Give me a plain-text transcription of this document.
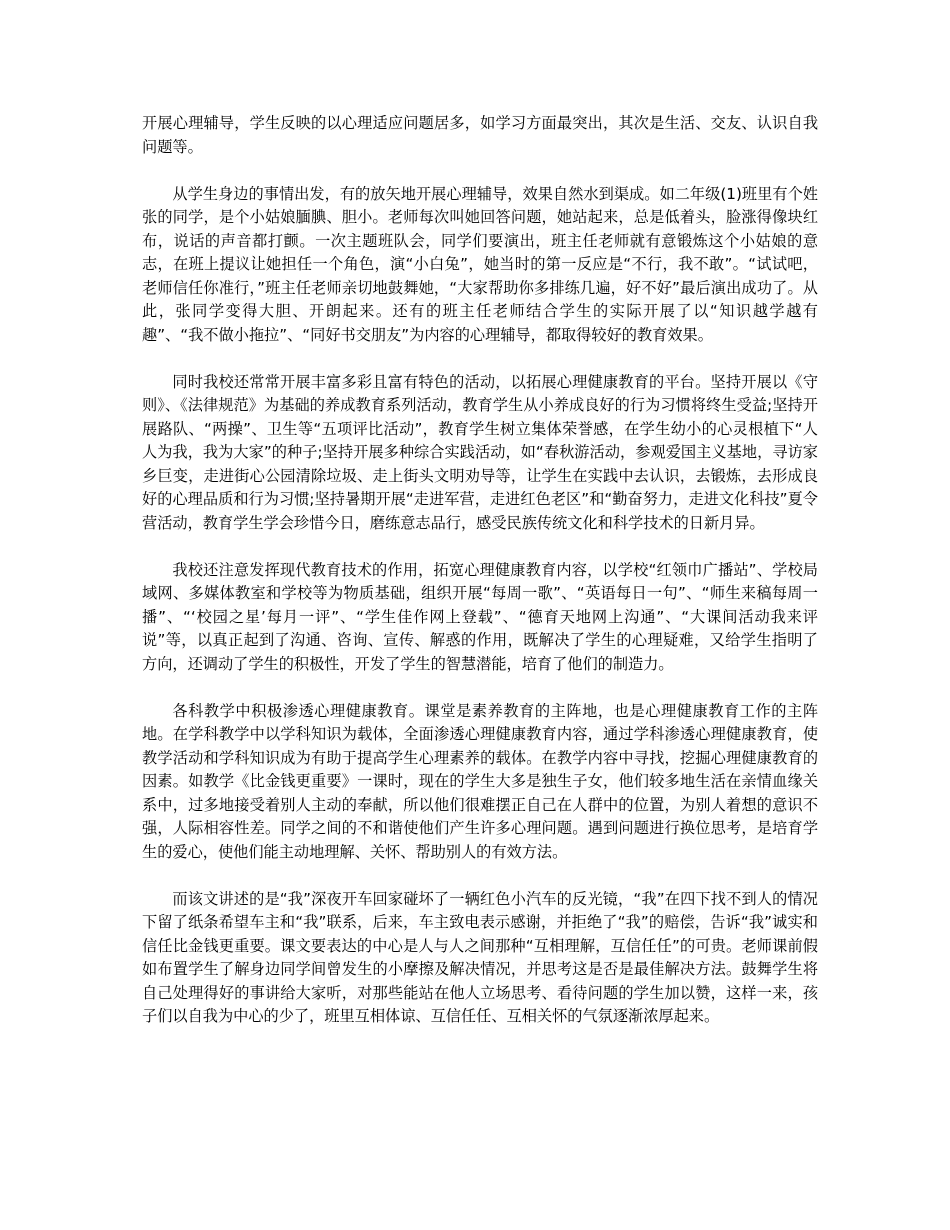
开展心理辅导，学生反映的以心理适应问题居多，如学习方面最突出，其次是生活、交友、认识自我问题等。

从学生身边的事情出发，有的放矢地开展心理辅导，效果自然水到渠成。如二年级(1)班里有个姓张的同学，是个小姑娘腼腆、胆小。老师每次叫她回答问题，她站起来，总是低着头，脸涨得像块红布，说话的声音都打颤。一次主题班队会，同学们要演出，班主任老师就有意锻炼这个小姑娘的意志，在班上提议让她担任一个角色，演“小白兔”，她当时的第一反应是“不行，我不敢”。“试试吧，老师信任你准行，”班主任老师亲切地鼓舞她，“大家帮助你多排练几遍，好不好”最后演出成功了。从此，张同学变得大胆、开朗起来。还有的班主任老师结合学生的实际开展了以“知识越学越有趣”、“我不做小拖拉”、“同好书交朋友”为内容的心理辅导，都取得较好的教育效果。

同时我校还常常开展丰富多彩且富有特色的活动，以拓展心理健康教育的平台。坚持开展以《守则》、《法律规范》为基础的养成教育系列活动，教育学生从小养成良好的行为习惯将终生受益;坚持开展路队、“两操”、卫生等“五项评比活动”，教育学生树立集体荣誉感，在学生幼小的心灵根植下“人人为我，我为大家”的种子;坚持开展多种综合实践活动，如“春秋游活动，参观爱国主义基地，寻访家乡巨变，走进街心公园清除垃圾、走上街头文明劝导等，让学生在实践中去认识，去锻炼，去形成良好的心理品质和行为习惯;坚持暑期开展“走进军营，走进红色老区”和“勤奋努力，走进文化科技”夏令营活动，教育学生学会珍惜今日，磨练意志品行，感受民族传统文化和科学技术的日新月异。

我校还注意发挥现代教育技术的作用，拓宽心理健康教育内容，以学校“红领巾广播站”、学校局域网、多媒体教室和学校等为物质基础，组织开展“每周一歌”、“英语每日一句”、“师生来稿每周一播”、“‘校园之星’每月一评”、“学生佳作网上登载”、“德育天地网上沟通”、“大课间活动我来评说”等，以真正起到了沟通、咨询、宣传、解惑的作用，既解决了学生的心理疑难，又给学生指明了方向，还调动了学生的积极性，开发了学生的智慧潜能，培育了他们的制造力。

各科教学中积极渗透心理健康教育。课堂是素养教育的主阵地，也是心理健康教育工作的主阵地。在学科教学中以学科知识为载体，全面渗透心理健康教育内容，通过学科渗透心理健康教育，使教学活动和学科知识成为有助于提高学生心理素养的载体。在教学内容中寻找，挖掘心理健康教育的因素。如教学《比金钱更重要》一课时，现在的学生大多是独生子女，他们较多地生活在亲情血缘关系中，过多地接受着别人主动的奉献，所以他们很难摆正自己在人群中的位置，为别人着想的意识不强，人际相容性差。同学之间的不和谐使他们产生许多心理问题。遇到问题进行换位思考，是培育学生的爱心，使他们能主动地理解、关怀、帮助别人的有效方法。

而该文讲述的是“我”深夜开车回家碰坏了一辆红色小汽车的反光镜，“我”在四下找不到人的情况下留了纸条希望车主和“我”联系，后来，车主致电表示感谢，并拒绝了“我”的赔偿，告诉“我”诚实和信任比金钱更重要。课文要表达的中心是人与人之间那种“互相理解，互信任任”的可贵。老师课前假如布置学生了解身边同学间曾发生的小摩擦及解决情况，并思考这是否是最佳解决方法。鼓舞学生将自己处理得好的事讲给大家听，对那些能站在他人立场思考、看待问题的学生加以赞，这样一来，孩子们以自我为中心的少了，班里互相体谅、互信任任、互相关怀的气氛逐渐浓厚起来。
